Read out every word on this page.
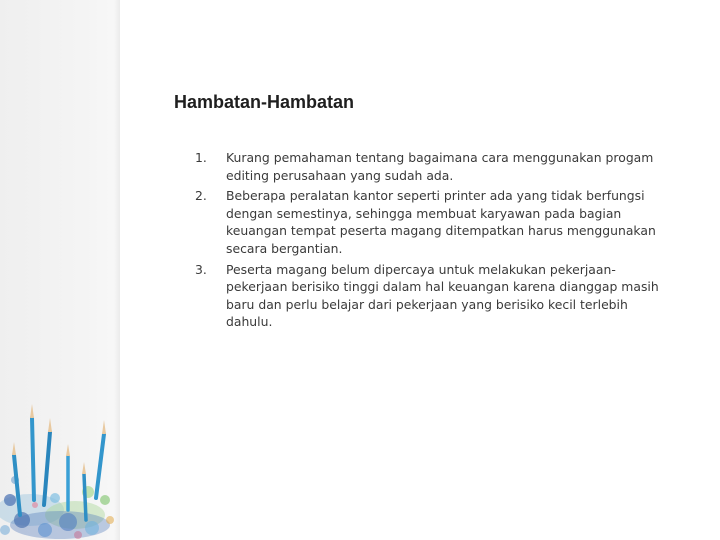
Hambatan-Hambatan
1.	Kurang pemahaman tentang bagaimana cara menggunakan progam editing perusahaan yang sudah ada.
2.	Beberapa peralatan kantor seperti printer ada yang tidak berfungsi dengan semestinya, sehingga membuat karyawan pada bagian keuangan tempat peserta magang ditempatkan harus menggunakan secara bergantian.
3.	Peserta magang belum dipercaya untuk melakukan pekerjaan-pekerjaan berisiko tinggi dalam hal keuangan karena dianggap masih baru dan perlu belajar dari pekerjaan yang berisiko kecil terlebih dahulu.
